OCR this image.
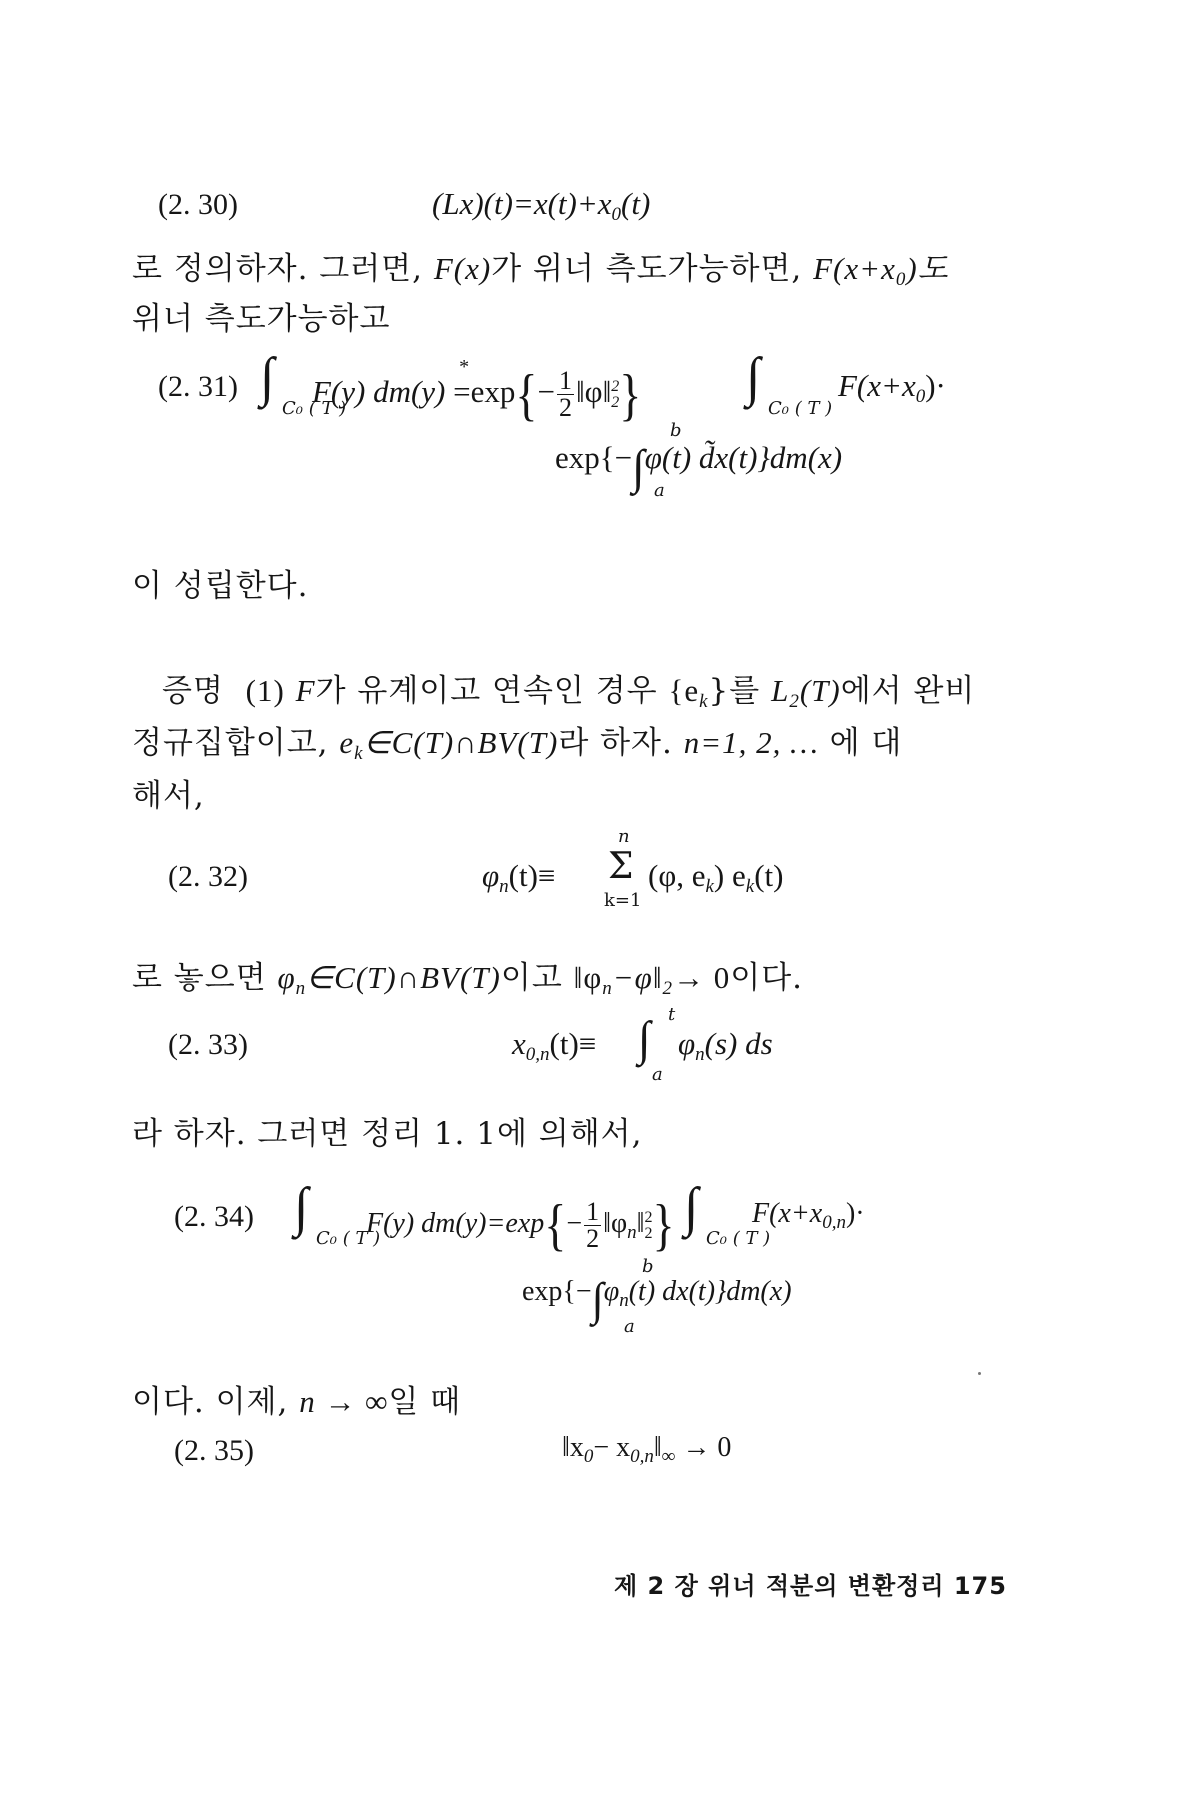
(2. 30)	$(Lx)(t)=x(t)+x_0(t)$
로 정의하자. 그러면, F(x)가 위너 측도가능하면, $F(x+x_0)$도
위너 측도가능하고
(2. 31) ∫
C₀ ( T )
F(y) dm(y) =
*
$\exp\{- \frac{1}{2}$ ‖φ‖ 2
2 } ∫
C₀ ( T )
$F(x+x_0)\cdot$
exp{−∫φ(t) d̃x(t)}dm(x)
b
a
이 성립한다.
증명 (1) F가 유계이고 연속인 경우 $\{e_k\}$를 $L_2(T)$에서 완비
정규집합이고, $e_k\in C(T)\cap BV(T)$라 하자. n=1, 2, … 에 대
해서,
(2. 32)	$\varphi_n(t)\equiv$
n
Σ
k=1
(φ, $e_k$) $e_k(t)$
로 놓으면 $\varphi_n\in C(T)\cap BV(T)$이고 $‖\varphi_n-\varphi‖_2\to 0$이다.
(2. 33)	$x_{0,n}(t)\equiv$ ∫ t
a
$\varphi_n(s)$ ds
라 하자. 그러면 정리 1. 1에 의해서,
(2. 34) ∫
C₀ ( T )
F(y) $dm(y)=\exp\{- \frac{1}{2}$ $‖\varphi_n‖$ 2
2 } ∫
C₀ ( T )
$F(x+x_{0,n})\cdot$
$\exp\{-\int\varphi_n(t)$ dx(t)}dm(x)
b
a
이다. 이제, n → ∞일 때
(2. 35)	$‖x_0-$ $x_{0,n}‖_\infty \to 0$
제 2 장 위너 적분의 변환정리 175
